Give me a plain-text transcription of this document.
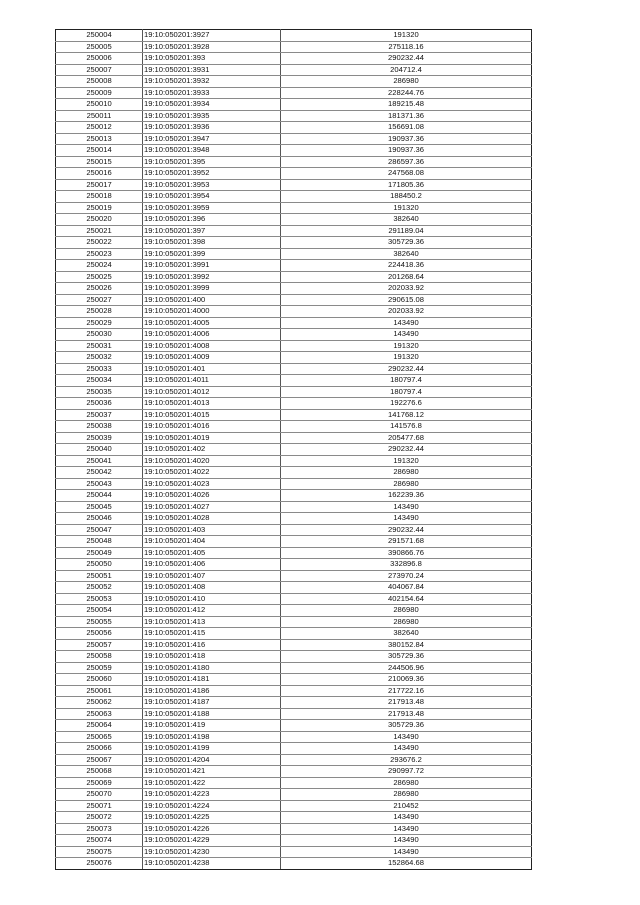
250004	19:10:050201:3927	191320
250005	19:10:050201:3928	275118.16
250006	19:10:050201:393	290232.44
250007	19:10:050201:3931	204712.4
250008	19:10:050201:3932	286980
250009	19:10:050201:3933	228244.76
250010	19:10:050201:3934	189215.48
250011	19:10:050201:3935	181371.36
250012	19:10:050201:3936	156691.08
250013	19:10:050201:3947	190937.36
250014	19:10:050201:3948	190937.36
250015	19:10:050201:395	286597.36
250016	19:10:050201:3952	247568.08
250017	19:10:050201:3953	171805.36
250018	19:10:050201:3954	188450.2
250019	19:10:050201:3959	191320
250020	19:10:050201:396	382640
250021	19:10:050201:397	291189.04
250022	19:10:050201:398	305729.36
250023	19:10:050201:399	382640
250024	19:10:050201:3991	224418.36
250025	19:10:050201:3992	201268.64
250026	19:10:050201:3999	202033.92
250027	19:10:050201:400	290615.08
250028	19:10:050201:4000	202033.92
250029	19:10:050201:4005	143490
250030	19:10:050201:4006	143490
250031	19:10:050201:4008	191320
250032	19:10:050201:4009	191320
250033	19:10:050201:401	290232.44
250034	19:10:050201:4011	180797.4
250035	19:10:050201:4012	180797.4
250036	19:10:050201:4013	192276.6
250037	19:10:050201:4015	141768.12
250038	19:10:050201:4016	141576.8
250039	19:10:050201:4019	205477.68
250040	19:10:050201:402	290232.44
250041	19:10:050201:4020	191320
250042	19:10:050201:4022	286980
250043	19:10:050201:4023	286980
250044	19:10:050201:4026	162239.36
250045	19:10:050201:4027	143490
250046	19:10:050201:4028	143490
250047	19:10:050201:403	290232.44
250048	19:10:050201:404	291571.68
250049	19:10:050201:405	390866.76
250050	19:10:050201:406	332896.8
250051	19:10:050201:407	273970.24
250052	19:10:050201:408	404067.84
250053	19:10:050201:410	402154.64
250054	19:10:050201:412	286980
250055	19:10:050201:413	286980
250056	19:10:050201:415	382640
250057	19:10:050201:416	380152.84
250058	19:10:050201:418	305729.36
250059	19:10:050201:4180	244506.96
250060	19:10:050201:4181	210069.36
250061	19:10:050201:4186	217722.16
250062	19:10:050201:4187	217913.48
250063	19:10:050201:4188	217913.48
250064	19:10:050201:419	305729.36
250065	19:10:050201:4198	143490
250066	19:10:050201:4199	143490
250067	19:10:050201:4204	293676.2
250068	19:10:050201:421	290997.72
250069	19:10:050201:422	286980
250070	19:10:050201:4223	286980
250071	19:10:050201:4224	210452
250072	19:10:050201:4225	143490
250073	19:10:050201:4226	143490
250074	19:10:050201:4229	143490
250075	19:10:050201:4230	143490
250076	19:10:050201:4238	152864.68
